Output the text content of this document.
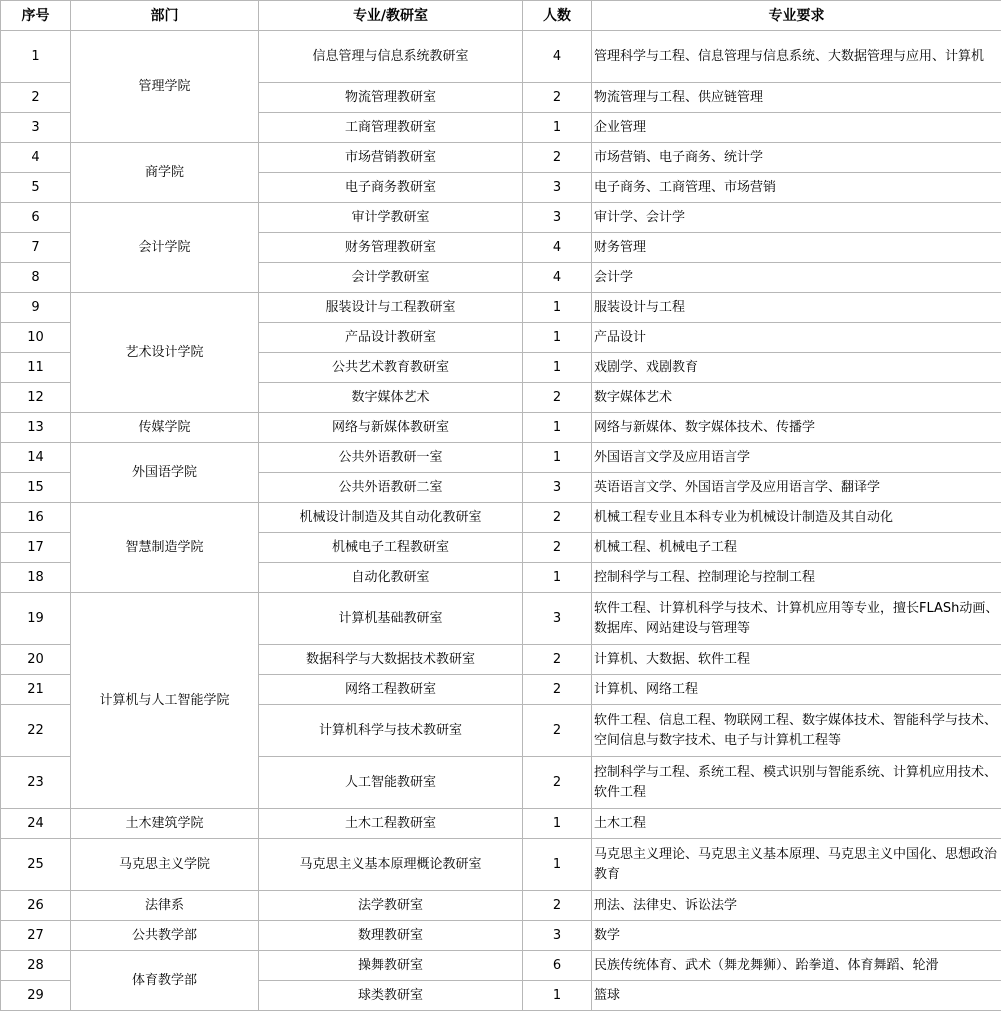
序号	部门	专业/教研室	人数	专业要求
1	管理学院	信息管理与信息系统教研室	4	管理科学与工程、信息管理与信息系统、大数据管理与应用、计算机
2		物流管理教研室	2	物流管理与工程、供应链管理
3		工商管理教研室	1	企业管理
4	商学院	市场营销教研室	2	市场营销、电子商务、统计学
5		电子商务教研室	3	电子商务、工商管理、市场营销
6	会计学院	审计学教研室	3	审计学、会计学
7		财务管理教研室	4	财务管理
8		会计学教研室	4	会计学
9	艺术设计学院	服装设计与工程教研室	1	服装设计与工程
10		产品设计教研室	1	产品设计
11		公共艺术教育教研室	1	戏剧学、戏剧教育
12		数字媒体艺术	2	数字媒体艺术
13	传媒学院	网络与新媒体教研室	1	网络与新媒体、数字媒体技术、传播学
14	外国语学院	公共外语教研一室	1	外国语言文学及应用语言学
15		公共外语教研二室	3	英语语言文学、外国语言学及应用语言学、翻译学
16	智慧制造学院	机械设计制造及其自动化教研室	2	机械工程专业且本科专业为机械设计制造及其自动化
17		机械电子工程教研室	2	机械工程、机械电子工程
18		自动化教研室	1	控制科学与工程、控制理论与控制工程
19	计算机与人工智能学院	计算机基础教研室	3	软件工程、计算机科学与技术、计算机应用等专业，擅长FLASh动画、数据库、网站建设与管理等
20		数据科学与大数据技术教研室	2	计算机、大数据、软件工程
21		网络工程教研室	2	计算机、网络工程
22		计算机科学与技术教研室	2	软件工程、信息工程、物联网工程、数字媒体技术、智能科学与技术、空间信息与数字技术、电子与计算机工程等
23		人工智能教研室	2	控制科学与工程、系统工程、模式识别与智能系统、计算机应用技术、软件工程
24	土木建筑学院	土木工程教研室	1	土木工程
25	马克思主义学院	马克思主义基本原理概论教研室	1	马克思主义理论、马克思主义基本原理、马克思主义中国化、思想政治教育
26	法律系	法学教研室	2	刑法、法律史、诉讼法学
27	公共教学部	数理教研室	3	数学
28	体育教学部	操舞教研室	6	民族传统体育、武术（舞龙舞狮）、跆拳道、体育舞蹈、轮滑
29		球类教研室	1	篮球
